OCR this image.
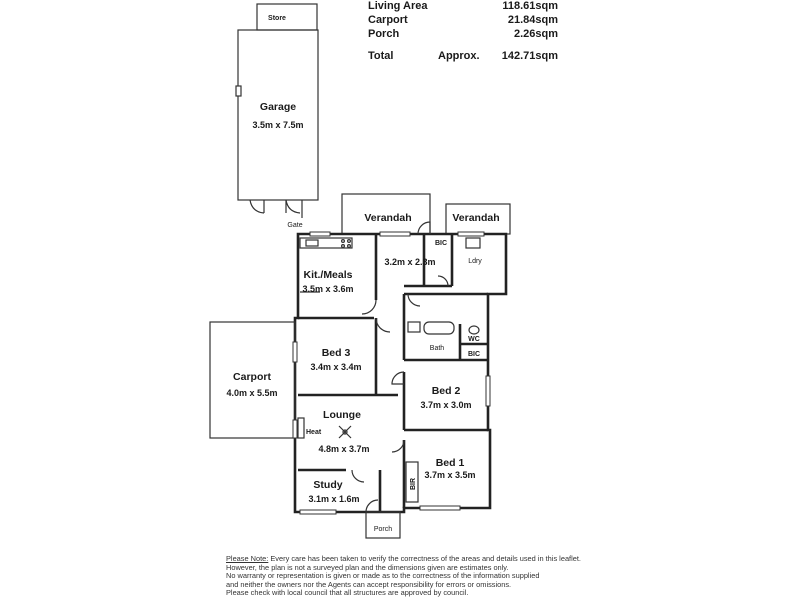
Living Area	118.61sqm
Carport	21.84sqm
Porch	2.26sqm
Total	Approx. 142.71sqm
Store
Garage
3.5m x 7.5m
Gate
Verandah	Verandah
3.2m x 2.3m
BIC
Ldry
Kit./Meals
3.5m x 3.6m
Bed 3
3.4m x 3.4m
Bath
WC
BIC
Carport
4.0m x 5.5m	Bed 2
3.7m x 3.0m
Lounge
4.8m x 3.7m
Heat
Bed 1
3.7m x 3.5m
BIR
Study
3.1m x 1.6m
Porch
Please Note: Every care has been taken to verify the correctness of the areas and details used in this leaflet.
However, the plan is not a surveyed plan and the dimensions given are estimates only.
No warranty or representation is given or made as to the correctness of the information supplied
and neither the owners nor the Agents can accept responsibility for errors or omissions.
Please check with local council that all structures are approved by council.
